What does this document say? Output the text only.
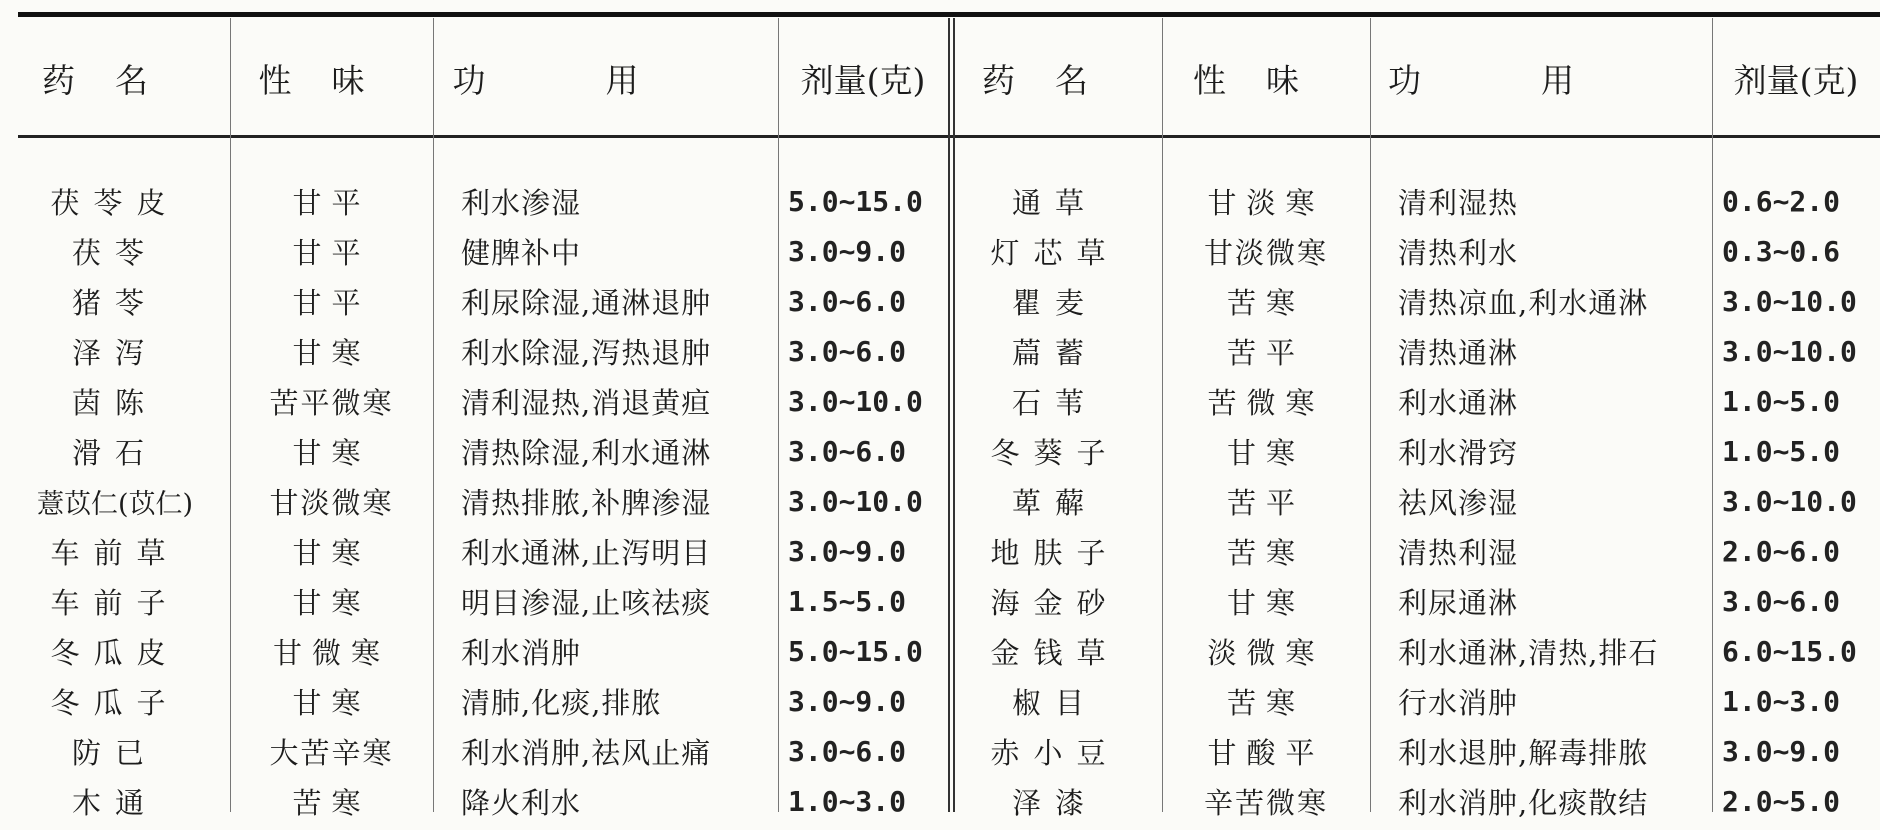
药名	性味	功用	剂量(克)	药名	性味	功用	剂量(克)
茯苓皮	甘平	利水渗湿	5.0~15.0	通草	甘淡寒	清利湿热	0.6~2.0
茯苓	甘平	健脾补中	3.0~9.0	灯芯草	甘淡微寒	清热利水	0.3~0.6
猪苓	甘平	利尿除湿,通淋退肿	3.0~6.0	瞿麦	苦寒	清热凉血,利水通淋	3.0~10.0
泽泻	甘寒	利水除湿,泻热退肿	3.0~6.0	萹蓄	苦平	清热通淋	3.0~10.0
茵陈	苦平微寒	清利湿热,消退黄疸	3.0~10.0	石苇	苦微寒	利水通淋	1.0~5.0
滑石	甘寒	清热除湿,利水通淋	3.0~6.0	冬葵子	甘寒	利水滑窍	1.0~5.0
薏苡仁(苡仁)	甘淡微寒	清热排脓,补脾渗湿	3.0~10.0	萆薢	苦平	祛风渗湿	3.0~10.0
车前草	甘寒	利水通淋,止泻明目	3.0~9.0	地肤子	苦寒	清热利湿	2.0~6.0
车前子	甘寒	明目渗湿,止咳祛痰	1.5~5.0	海金砂	甘寒	利尿通淋	3.0~6.0
冬瓜皮	甘微寒	利水消肿	5.0~15.0	金钱草	淡微寒	利水通淋,清热,排石	6.0~15.0
冬瓜子	甘寒	清肺,化痰,排脓	3.0~9.0	椒目	苦寒	行水消肿	1.0~3.0
防已	大苦辛寒	利水消肿,祛风止痛	3.0~6.0	赤小豆	甘酸平	利水退肿,解毒排脓	3.0~9.0
木通	苦寒	降火利水	1.0~3.0	泽漆	辛苦微寒	利水消肿,化痰散结	2.0~5.0
